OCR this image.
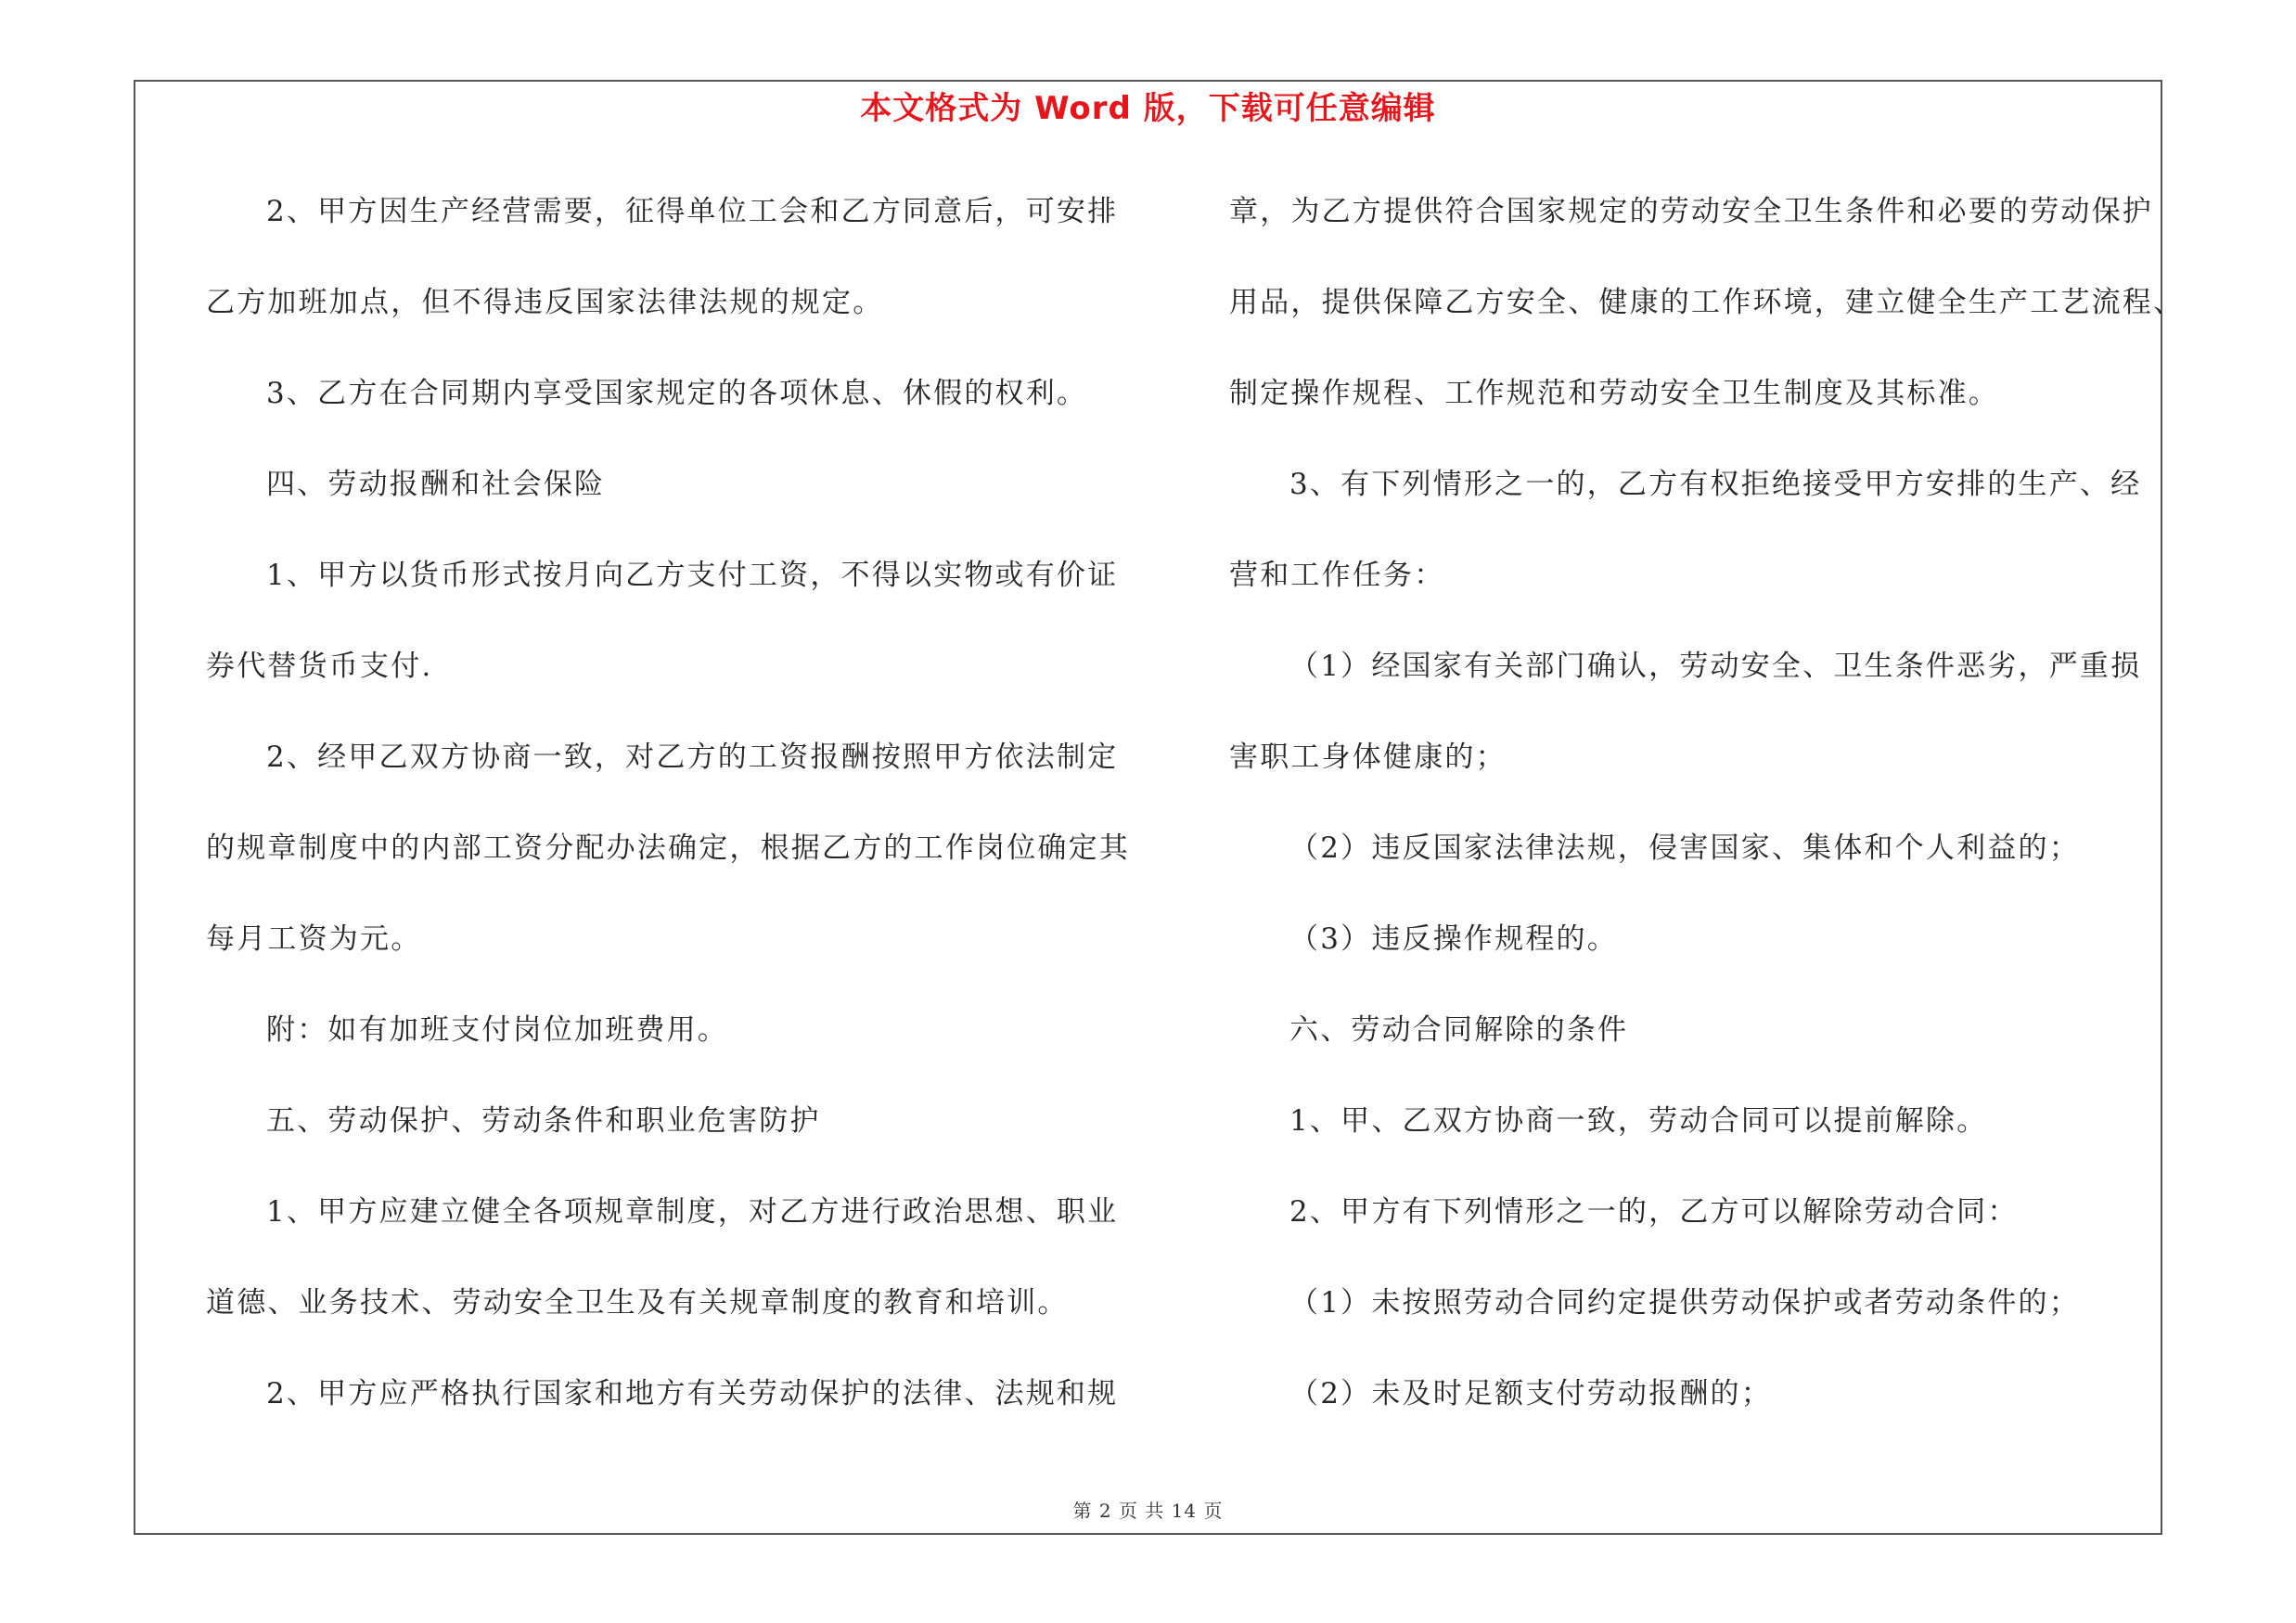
本文格式为 Word 版，下载可任意编辑
2、甲方因生产经营需要，征得单位工会和乙方同意后，可安排
乙方加班加点，但不得违反国家法律法规的规定。
3、乙方在合同期内享受国家规定的各项休息、休假的权利。
四、劳动报酬和社会保险
1、甲方以货币形式按月向乙方支付工资，不得以实物或有价证
券代替货币支付.
2、经甲乙双方协商一致，对乙方的工资报酬按照甲方依法制定
的规章制度中的内部工资分配办法确定，根据乙方的工作岗位确定其
每月工资为元。
附：如有加班支付岗位加班费用。
五、劳动保护、劳动条件和职业危害防护
1、甲方应建立健全各项规章制度，对乙方进行政治思想、职业
道德、业务技术、劳动安全卫生及有关规章制度的教育和培训。
2、甲方应严格执行国家和地方有关劳动保护的法律、法规和规
章，为乙方提供符合国家规定的劳动安全卫生条件和必要的劳动保护
用品，提供保障乙方安全、健康的工作环境，建立健全生产工艺流程、
制定操作规程、工作规范和劳动安全卫生制度及其标准。
3、有下列情形之一的，乙方有权拒绝接受甲方安排的生产、经
营和工作任务：
（1）经国家有关部门确认，劳动安全、卫生条件恶劣，严重损
害职工身体健康的；
（2）违反国家法律法规，侵害国家、集体和个人利益的；
（3）违反操作规程的。
六、劳动合同解除的条件
1、甲、乙双方协商一致，劳动合同可以提前解除。
2、甲方有下列情形之一的，乙方可以解除劳动合同：
（1）未按照劳动合同约定提供劳动保护或者劳动条件的；
（2）未及时足额支付劳动报酬的；
第 2 页 共 14 页
